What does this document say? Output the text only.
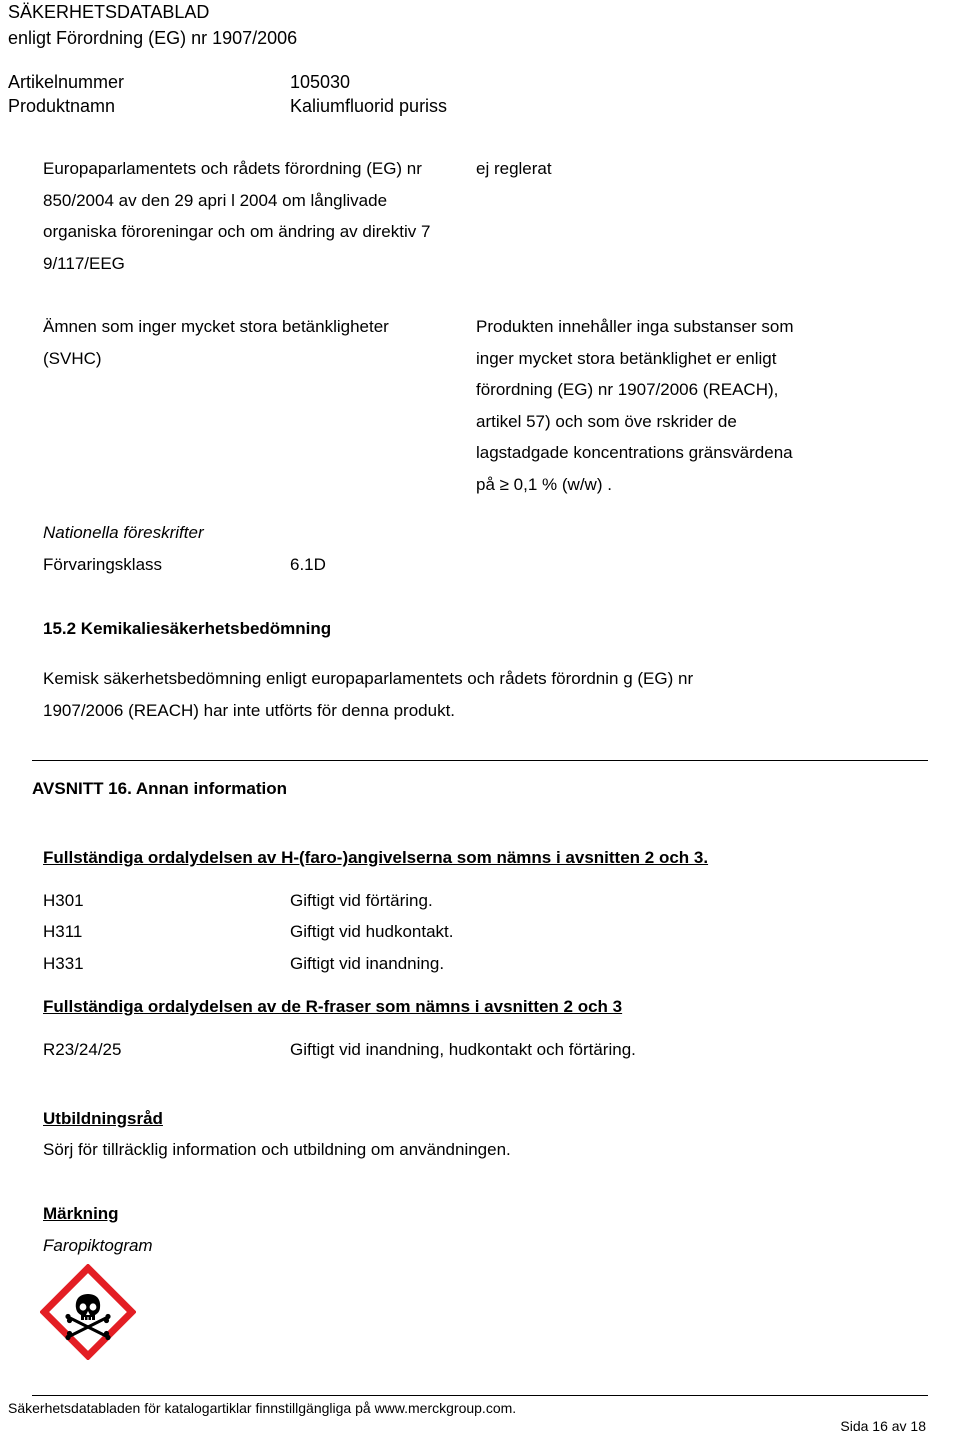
SÄKERHETSDATABLAD
enligt Förordning (EG) nr 1907/2006
Artikelnummer	105030
Produktnamn	Kaliumfluorid puriss
Europaparlamentets och rådets förordning (EG) nr
850/2004 av den 29 apri l 2004 om långlivade
organiska föroreningar och om ändring av direktiv 7
9/117/EEG
ej reglerat
Ämnen som inger mycket stora betänkligheter
(SVHC)
Produkten innehåller inga substanser som
inger mycket stora betänklighet er enligt
förordning (EG) nr 1907/2006 (REACH),
artikel 57) och som öve rskrider de
lagstadgade koncentrations gränsvärdena
på ≥ 0,1 % (w/w) .
Nationella föreskrifter
Förvaringsklass	6.1D
15.2 Kemikaliesäkerhetsbedömning
Kemisk säkerhetsbedömning enligt europaparlamentets och rådets förordnin g (EG) nr
1907/2006 (REACH) har inte utförts för denna produkt.
AVSNITT 16. Annan information
Fullständiga ordalydelsen av H-(faro-)angivelserna som nämns i avsnitten 2 och 3.
H301	Giftigt vid förtäring.
H311	Giftigt vid hudkontakt.
H331	Giftigt vid inandning.
Fullständiga ordalydelsen av de R-fraser som nämns i avsnitten 2 och 3
R23/24/25	Giftigt vid inandning, hudkontakt och förtäring.
Utbildningsråd
Sörj för tillräcklig information och utbildning om användningen.
Märkning
Faropiktogram
Säkerhetsdatabladen för katalogartiklar finnstillgängliga på www.merckgroup.com.
Sida 16 av 18
